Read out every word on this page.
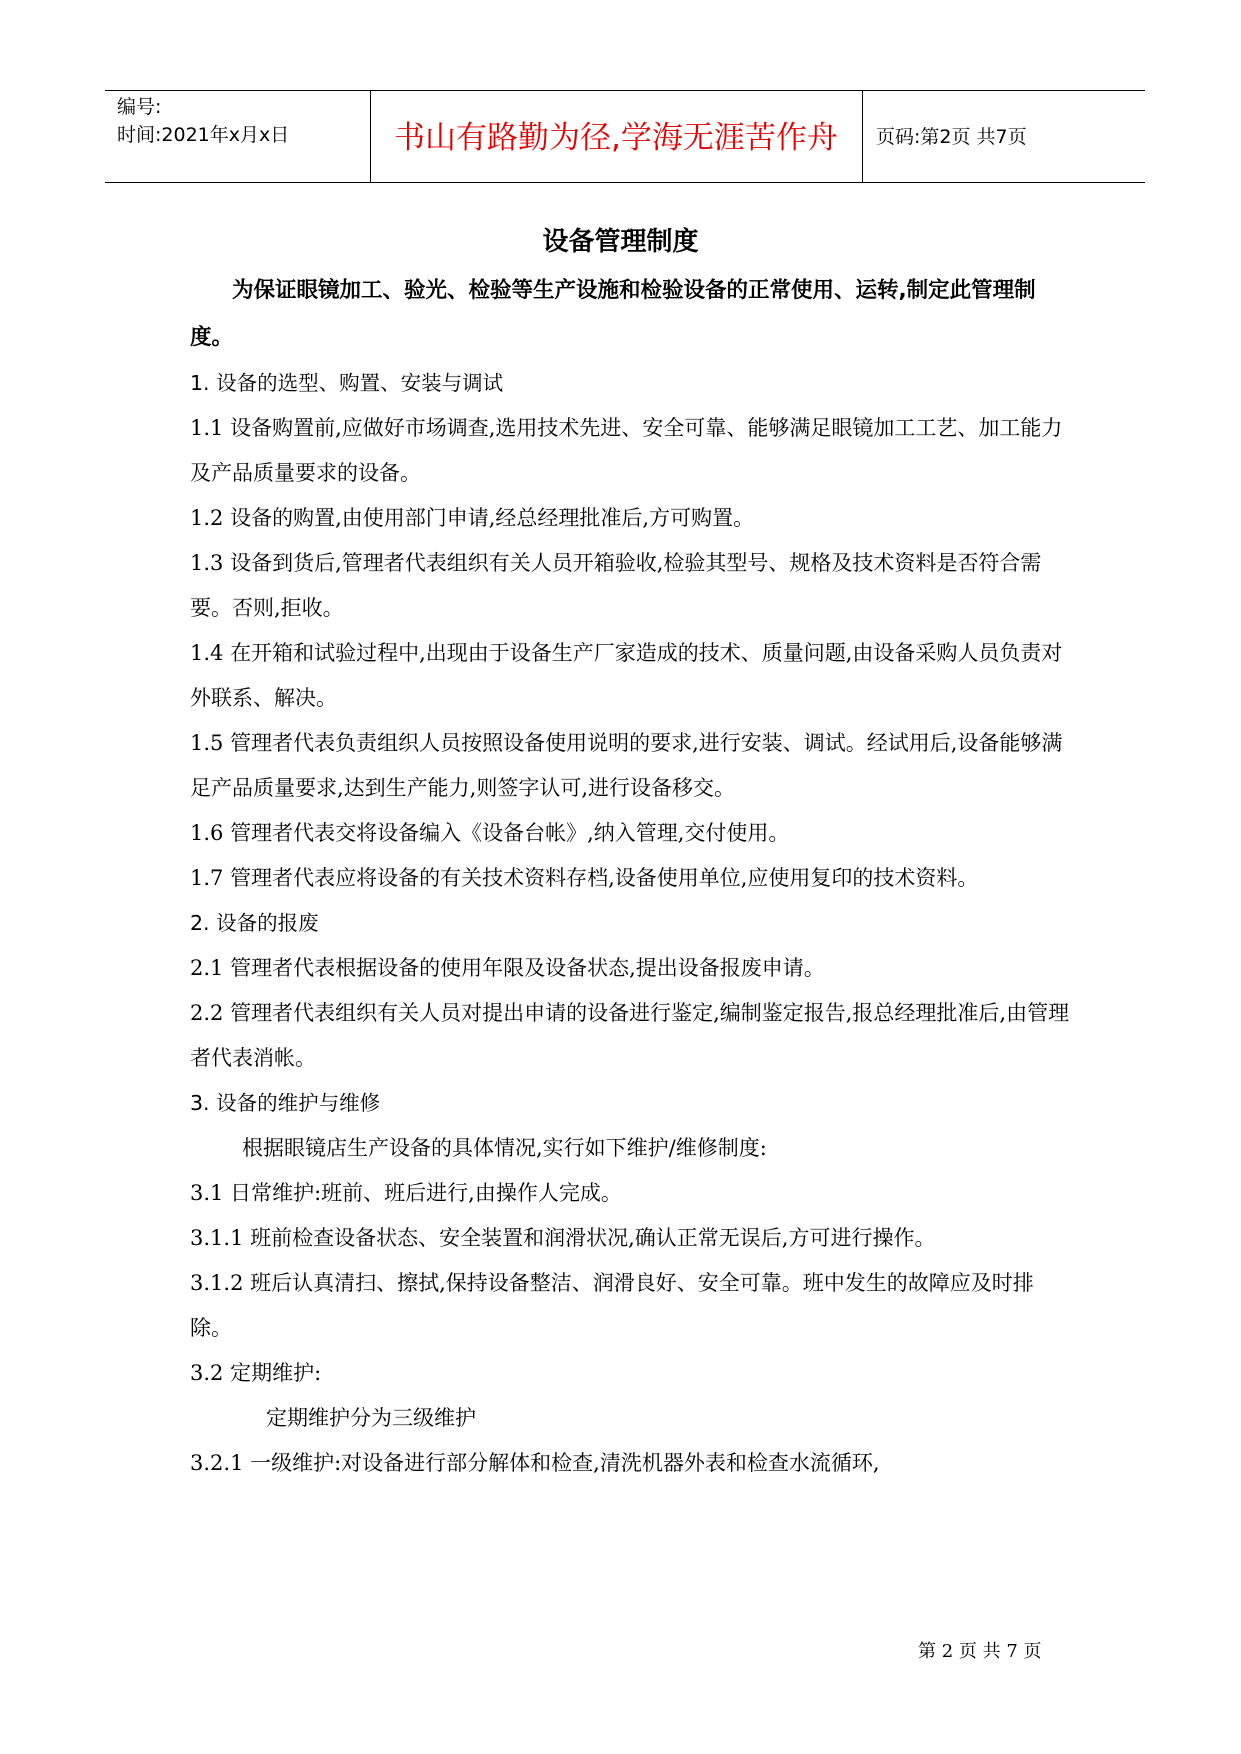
编号:
时间:2021年x月x日	书山有路勤为径,学海无涯苦作舟	页码:第2页 共7页
设备管理制度

为保证眼镜加工、验光、检验等生产设施和检验设备的正常使用、运转,制定此管理制度。

1. 设备的选型、购置、安装与调试

1.1 设备购置前,应做好市场调查,选用技术先进、安全可靠、能够满足眼镜加工工艺、加工能力及产品质量要求的设备。

1.2 设备的购置,由使用部门申请,经总经理批准后,方可购置。

1.3 设备到货后,管理者代表组织有关人员开箱验收,检验其型号、规格及技术资料是否符合需要。否则,拒收。

1.4 在开箱和试验过程中,出现由于设备生产厂家造成的技术、质量问题,由设备采购人员负责对外联系、解决。

1.5 管理者代表负责组织人员按照设备使用说明的要求,进行安装、调试。经试用后,设备能够满足产品质量要求,达到生产能力,则签字认可,进行设备移交。

1.6 管理者代表交将设备编入《设备台帐》,纳入管理,交付使用。

1.7 管理者代表应将设备的有关技术资料存档,设备使用单位,应使用复印的技术资料。

2. 设备的报废

2.1 管理者代表根据设备的使用年限及设备状态,提出设备报废申请。

2.2 管理者代表组织有关人员对提出申请的设备进行鉴定,编制鉴定报告,报总经理批准后,由管理者代表消帐。

3. 设备的维护与维修

根据眼镜店生产设备的具体情况,实行如下维护/维修制度:

3.1 日常维护:班前、班后进行,由操作人完成。

3.1.1 班前检查设备状态、安全装置和润滑状况,确认正常无误后,方可进行操作。

3.1.2 班后认真清扫、擦拭,保持设备整洁、润滑良好、安全可靠。班中发生的故障应及时排除。

3.2 定期维护:

定期维护分为三级维护

3.2.1 一级维护:对设备进行部分解体和检查,清洗机器外表和检查水流循环,

第 2 页 共 7 页
